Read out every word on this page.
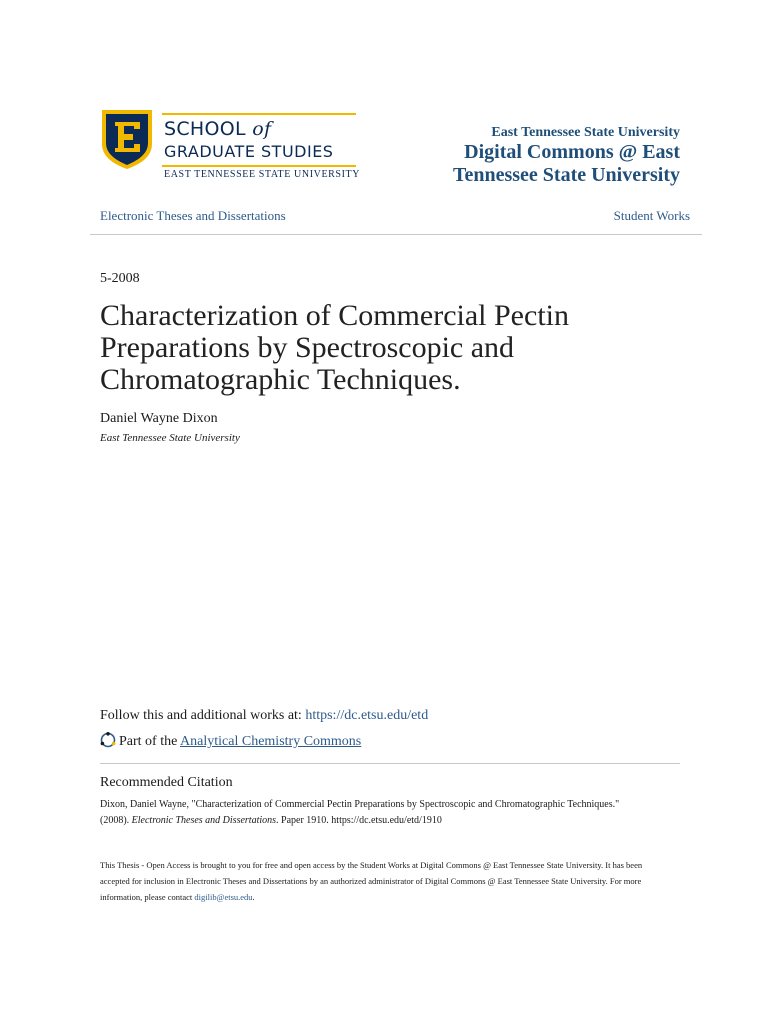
SCHOOL of
GRADUATE STUDIES
EAST TENNESSEE STATE UNIVERSITY
East Tennessee State University
Digital Commons @ East Tennessee State University
Electronic Theses and Dissertations	Student Works
5-2008
Characterization of Commercial Pectin Preparations by Spectroscopic and Chromatographic Techniques.
Daniel Wayne Dixon
East Tennessee State University
Follow this and additional works at: https://dc.etsu.edu/etd
Part of the Analytical Chemistry Commons
Recommended Citation
Dixon, Daniel Wayne, "Characterization of Commercial Pectin Preparations by Spectroscopic and Chromatographic Techniques."
(2008). Electronic Theses and Dissertations. Paper 1910. https://dc.etsu.edu/etd/1910
This Thesis - Open Access is brought to you for free and open access by the Student Works at Digital Commons @ East Tennessee State University. It has been accepted for inclusion in Electronic Theses and Dissertations by an authorized administrator of Digital Commons @ East Tennessee State University. For more information, please contact digilib@etsu.edu.
